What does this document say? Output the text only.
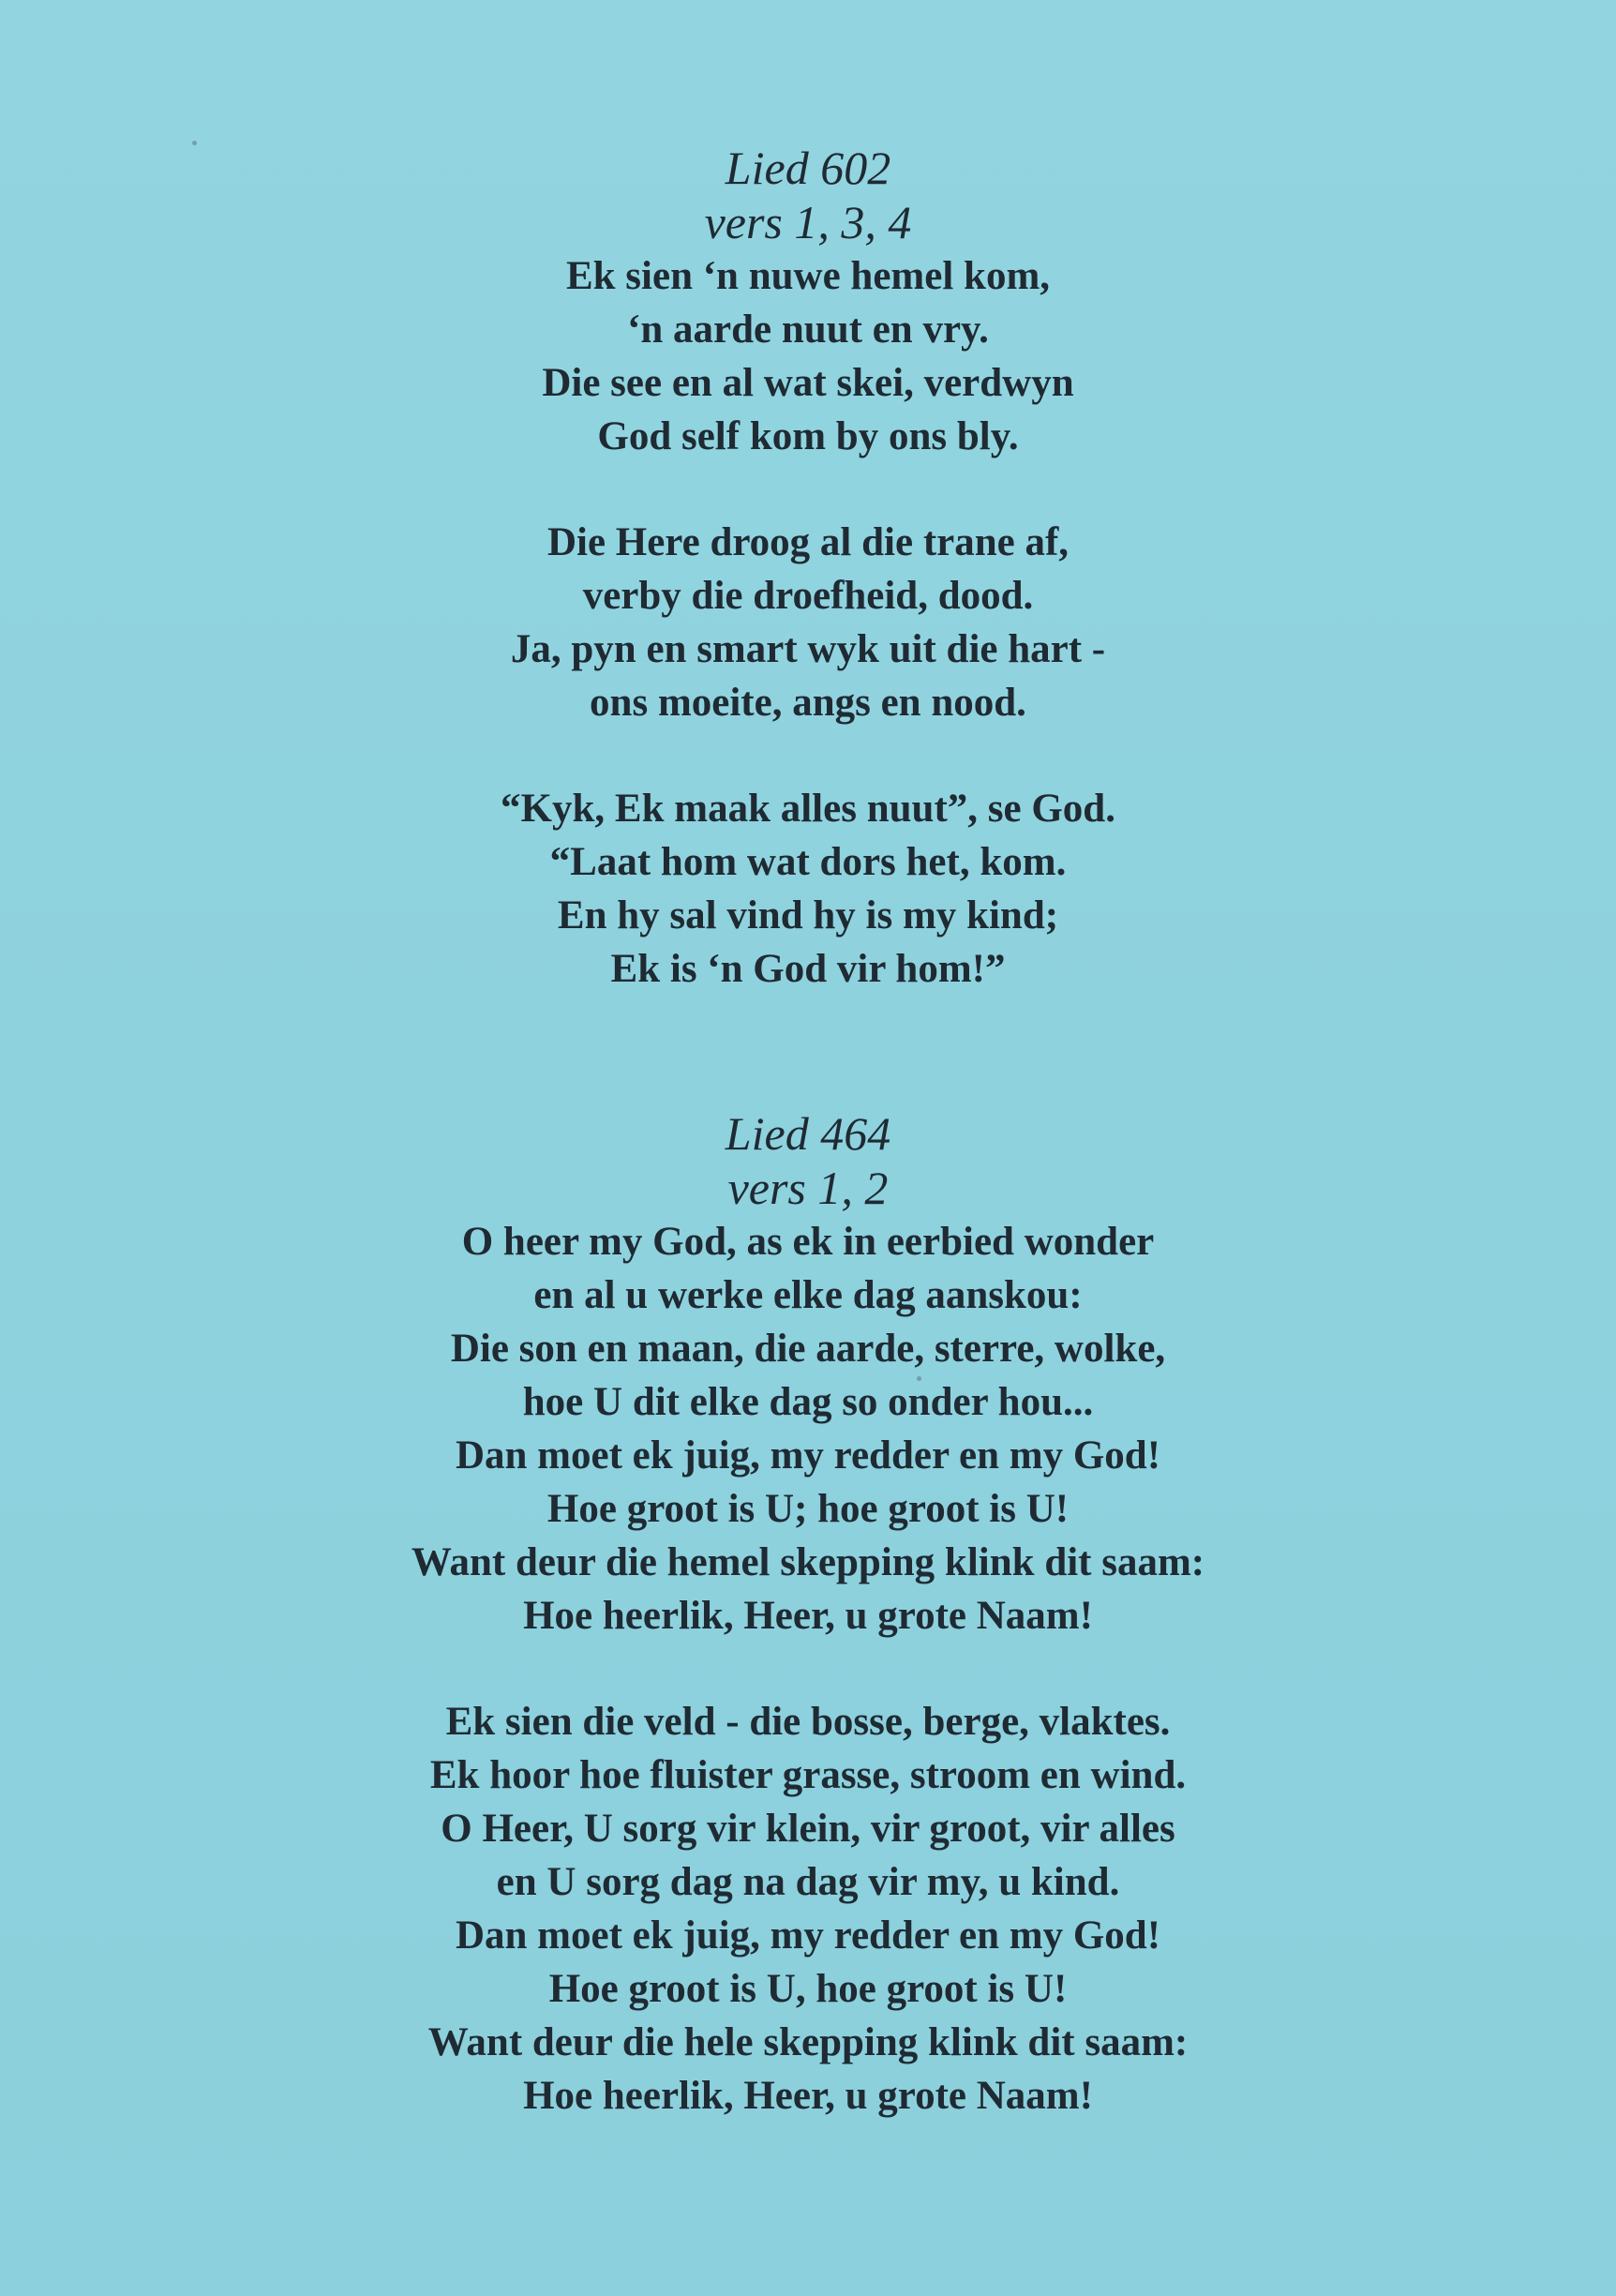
Lied 602
vers 1, 3, 4
Ek sien ‘n nuwe hemel kom,
‘n aarde nuut en vry.
Die see en al wat skei, verdwyn
God self kom by ons bly.
Die Here droog al die trane af,
verby die droefheid, dood.
Ja, pyn en smart wyk uit die hart -
ons moeite, angs en nood.
“Kyk, Ek maak alles nuut”, se God.
“Laat hom wat dors het, kom.
En hy sal vind hy is my kind;
Ek is ‘n God vir hom!”
Lied 464
vers 1, 2
O heer my God, as ek in eerbied wonder
en al u werke elke dag aanskou:
Die son en maan, die aarde, sterre, wolke,
hoe U dit elke dag so onder hou...
Dan moet ek juig, my redder en my God!
Hoe groot is U; hoe groot is U!
Want deur die hemel skepping klink dit saam:
Hoe heerlik, Heer, u grote Naam!
Ek sien die veld - die bosse, berge, vlaktes.
Ek hoor hoe fluister grasse, stroom en wind.
O Heer, U sorg vir klein, vir groot, vir alles
en U sorg dag na dag vir my, u kind.
Dan moet ek juig, my redder en my God!
Hoe groot is U, hoe groot is U!
Want deur die hele skepping klink dit saam:
Hoe heerlik, Heer, u grote Naam!
